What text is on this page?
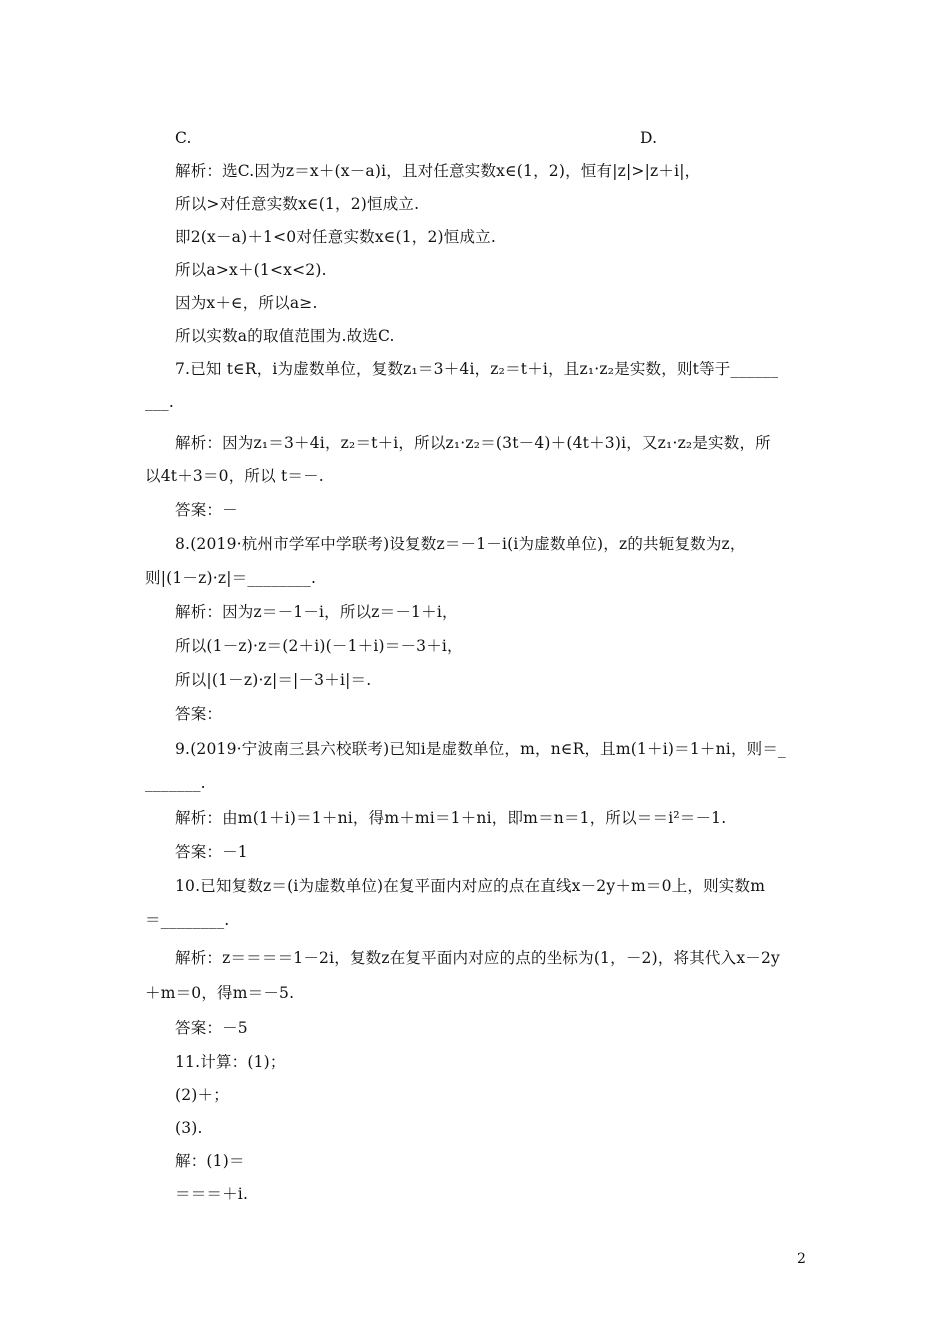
C.	D.
解析：选C.因为z＝x＋(x－a)i，且对任意实数x∈(1，2)，恒有|z|>|z＋i|，
所以>对任意实数x∈(1，2)恒成立.
即2(x－a)＋1<0对任意实数x∈(1，2)恒成立.
所以a>x＋(1<x<2).
因为x＋∈，所以a≥.
所以实数a的取值范围为.故选C.
7.已知 t∈R，i为虚数单位，复数z₁＝3＋4i，z₂＝t＋i，且z₁·z₂是实数，则t等于______
___.
解析：因为z₁＝3＋4i，z₂＝t＋i，所以z₁·z₂＝(3t－4)＋(4t＋3)i，又z₁·z₂是实数，所
以4t＋3＝0，所以 t＝－.
答案：－
8.(2019·杭州市学军中学联考)设复数z＝－1－i(i为虚数单位)，z的共轭复数为z，
则|(1－z)·z|＝________.
解析：因为z＝－1－i，所以z＝－1＋i，
所以(1－z)·z＝(2＋i)(－1＋i)＝－3＋i，
所以|(1－z)·z|＝|－3＋i|＝.
答案：
9.(2019·宁波南三县六校联考)已知i是虚数单位，m，n∈R，且m(1＋i)＝1＋ni，则＝_
_______.
解析：由m(1＋i)＝1＋ni，得m＋mi＝1＋ni，即m＝n＝1，所以＝＝i²＝－1.
答案：－1
10.已知复数z＝(i为虚数单位)在复平面内对应的点在直线x－2y＋m＝0上，则实数m
＝________.
解析：z＝＝＝＝1－2i，复数z在复平面内对应的点的坐标为(1，－2)，将其代入x－2y
＋m＝0，得m＝－5.
答案：－5
11.计算：(1)；
(2)＋；
(3).
解：(1)＝
＝＝＝＋i.
2
